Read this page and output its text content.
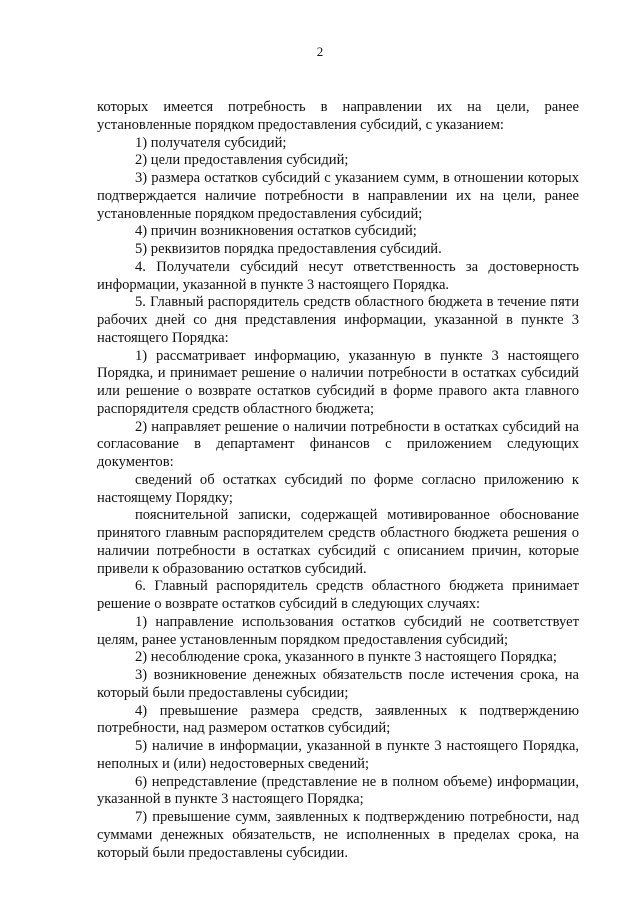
2

которых имеется потребность в направлении их на цели, ранее установленные порядком предоставления субсидий, с указанием:

1) получателя субсидий;

2) цели предоставления субсидий;

3) размера остатков субсидий с указанием сумм, в отношении которых подтверждается наличие потребности в направлении их на цели, ранее установленные порядком предоставления субсидий;

4) причин возникновения остатков субсидий;

5) реквизитов порядка предоставления субсидий.

4. Получатели субсидий несут ответственность за достоверность информации, указанной в пункте 3 настоящего Порядка.

5. Главный распорядитель средств областного бюджета в течение пяти рабочих дней со дня представления информации, указанной в пункте 3 настоящего Порядка:

1) рассматривает информацию, указанную в пункте 3 настоящего Порядка, и принимает решение о наличии потребности в остатках субсидий или решение о возврате остатков субсидий в форме правого акта главного распорядителя средств областного бюджета;

2) направляет решение о наличии потребности в остатках субсидий на согласование в департамент финансов с приложением следующих документов:

сведений об остатках субсидий по форме согласно приложению к настоящему Порядку;

пояснительной записки, содержащей мотивированное обоснование принятого главным распорядителем средств областного бюджета решения о наличии потребности в остатках субсидий с описанием причин, которые привели к образованию остатков субсидий.

6. Главный распорядитель средств областного бюджета принимает решение о возврате остатков субсидий в следующих случаях:

1) направление использования остатков субсидий не соответствует целям, ранее установленным порядком предоставления субсидий;

2) несоблюдение срока, указанного в пункте 3 настоящего Порядка;

3) возникновение денежных обязательств после истечения срока, на который были предоставлены субсидии;

4) превышение размера средств, заявленных к подтверждению потребности, над размером остатков субсидий;

5) наличие в информации, указанной в пункте 3 настоящего Порядка, неполных и (или) недостоверных сведений;

6) непредставление (представление не в полном объеме) информации, указанной в пункте 3 настоящего Порядка;

7) превышение сумм, заявленных к подтверждению потребности, над суммами денежных обязательств, не исполненных в пределах срока, на который были предоставлены субсидии.
